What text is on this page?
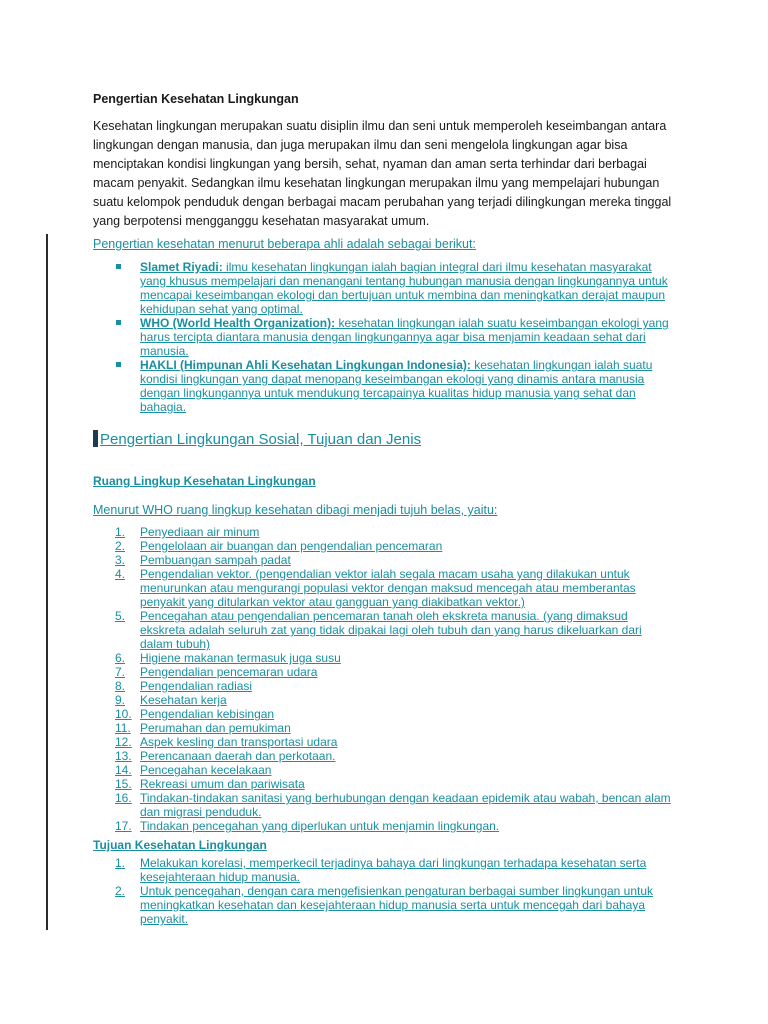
Pengertian Kesehatan Lingkungan
Kesehatan lingkungan merupakan suatu disiplin ilmu dan seni untuk memperoleh keseimbangan antara lingkungan dengan manusia, dan juga merupakan ilmu dan seni mengelola lingkungan agar bisa menciptakan kondisi lingkungan yang bersih, sehat, nyaman dan aman serta terhindar dari berbagai macam penyakit. Sedangkan ilmu kesehatan lingkungan merupakan ilmu yang mempelajari hubungan suatu kelompok penduduk dengan berbagai macam perubahan yang terjadi dilingkungan mereka tinggal yang berpotensi mengganggu kesehatan masyarakat umum.
Pengertian kesehatan menurut beberapa ahli adalah sebagai berikut:
Slamet Riyadi: ilmu kesehatan lingkungan ialah bagian integral dari ilmu kesehatan masyarakat yang khusus mempelajari dan menangani tentang hubungan manusia dengan lingkungannya untuk mencapai keseimbangan ekologi dan bertujuan untuk membina dan meningkatkan derajat maupun kehidupan sehat yang optimal.
WHO (World Health Organization): kesehatan lingkungan ialah suatu keseimbangan ekologi yang harus tercipta diantara manusia dengan lingkungannya agar bisa menjamin keadaan sehat dari manusia.
HAKLI (Himpunan Ahli Kesehatan Lingkungan Indonesia): kesehatan lingkungan ialah suatu kondisi lingkungan yang dapat menopang keseimbangan ekologi yang dinamis antara manusia dengan lingkungannya untuk mendukung tercapainya kualitas hidup manusia yang sehat dan bahagia.
Pengertian Lingkungan Sosial, Tujuan dan Jenis
Ruang Lingkup Kesehatan Lingkungan
Menurut WHO ruang lingkup kesehatan dibagi menjadi tujuh belas, yaitu:
1. Penyediaan air minum
2. Pengelolaan air buangan dan pengendalian pencemaran
3. Pembuangan sampah padat
4. Pengendalian vektor. (pengendalian vektor ialah segala macam usaha yang dilakukan untuk menurunkan atau mengurangi populasi vektor dengan maksud mencegah atau memberantas penyakit yang ditularkan vektor atau gangguan yang diakibatkan vektor.)
5. Pencegahan atau pengendalian pencemaran tanah oleh ekskreta manusia. (yang dimaksud ekskreta adalah seluruh zat yang tidak dipakai lagi oleh tubuh dan yang harus dikeluarkan dari dalam tubuh)
6. Higiene makanan termasuk juga susu
7. Pengendalian pencemaran udara
8. Pengendalian radiasi
9. Kesehatan kerja
10. Pengendalian kebisingan
11. Perumahan dan pemukiman
12. Aspek kesling dan transportasi udara
13. Perencanaan daerah dan perkotaan.
14. Pencegahan kecelakaan
15. Rekreasi umum dan pariwisata
16. Tindakan-tindakan sanitasi yang berhubungan dengan keadaan epidemik atau wabah, bencan alam dan migrasi penduduk.
17. Tindakan pencegahan yang diperlukan untuk menjamin lingkungan.
Tujuan Kesehatan Lingkungan
1. Melakukan korelasi, memperkecil terjadinya bahaya dari lingkungan terhadapa kesehatan serta kesejahteraan hidup manusia.
2. Untuk pencegahan, dengan cara mengefisienkan pengaturan berbagai sumber lingkungan untuk meningkatkan kesehatan dan kesejahteraan hidup manusia serta untuk mencegah dari bahaya penyakit.
